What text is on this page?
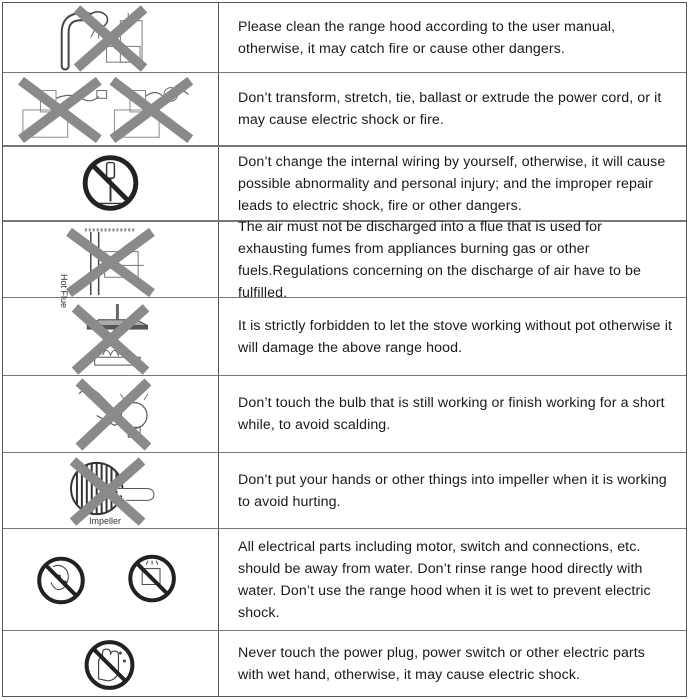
Please clean the range hood according to the user manual, otherwise, it may catch fire or cause other dangers.

Don’t transform, stretch, tie, ballast or extrude the power cord, or it may cause electric shock or fire.

Don’t change the internal wiring by yourself, otherwise, it will cause possible abnormality and personal injury; and the improper repair leads to electric shock, fire or other dangers.

Hot Flue

The air must not be discharged into a flue that is used for exhausting fumes from appliances burning gas or other fuels.Regulations concerning on the discharge of air have to be fulfilled.

It is strictly forbidden to let the stove working without pot otherwise it will damage the above range hood.

Don’t touch the bulb that is still working or finish working for a short while, to avoid scalding.

Impeller

Don’t put your hands or other things into impeller when it is working to avoid hurting.

All electrical parts including motor, switch and connections, etc. should be away from water. Don’t rinse range hood directly with water. Don’t use the range hood when it is wet to prevent electric shock.

Never touch the power plug, power switch or other electric parts with wet hand, otherwise, it may cause electric shock.
